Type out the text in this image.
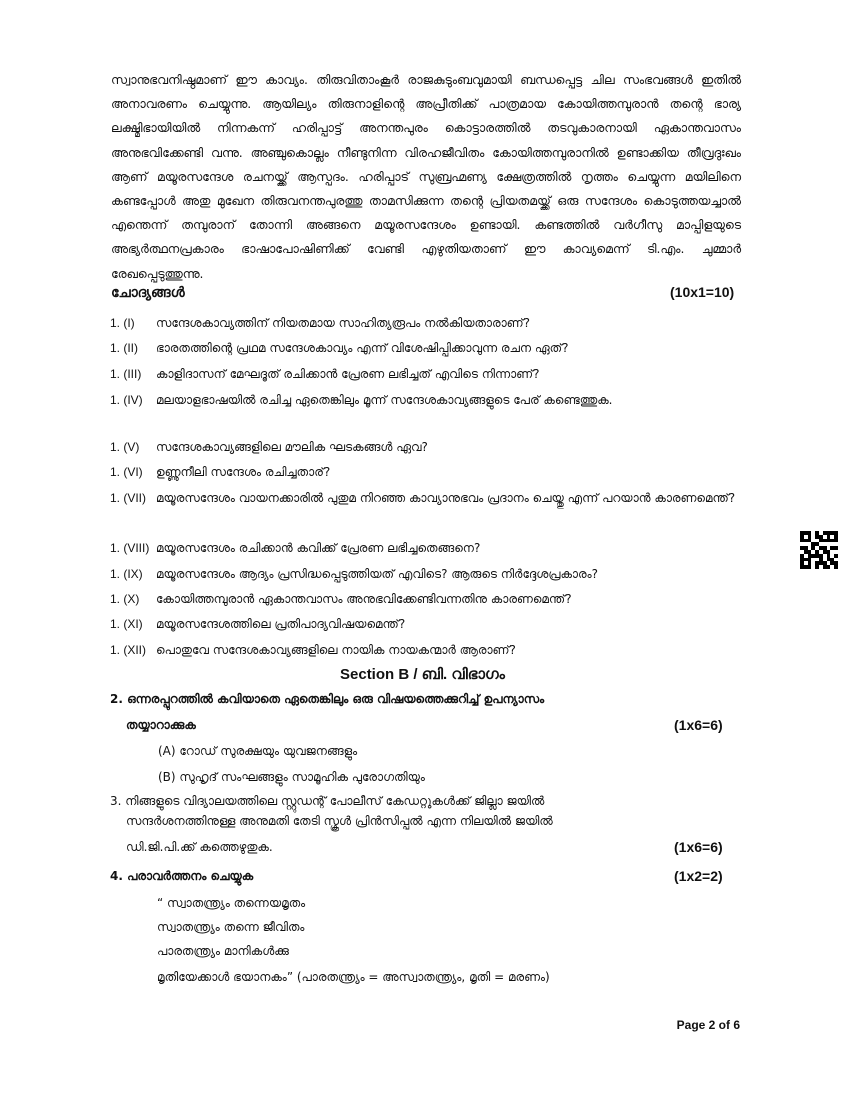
സ്വാനുഭവനിഷ്ഠമാണ് ഈ കാവ്യം. തിരുവിതാംകൂർ രാജകുടുംബവുമായി ബന്ധപ്പെട്ട ചില സംഭവങ്ങൾ ഇതിൽ അനാവരണം ചെയ്യുന്നു. ആയില്യം തിരുനാളിന്റെ അപ്രീതിക്ക് പാത്രമായ കോയിത്തമ്പുരാൻ തന്റെ ഭാര്യ ലക്ഷ്മിഭായിയിൽ നിന്നകന്ന് ഹരിപ്പാട്ട് അനന്തപുരം കൊട്ടാരത്തിൽ തടവുകാരനായി ഏകാന്തവാസം അനുഭവിക്കേണ്ടി വന്നു. അഞ്ചുകൊല്ലം നീണ്ടുനിന്ന വിരഹജീവിതം കോയിത്തമ്പുരാനിൽ ഉണ്ടാക്കിയ തീവ്രദുഃഖം ആണ് മയൂരസന്ദേശ രചനയ്ക്ക് ആസ്പദം. ഹരിപ്പാട് സുബ്രഹ്മണ്യ ക്ഷേത്രത്തിൽ നൃത്തം ചെയ്യുന്ന മയിലിനെ കണ്ടപ്പോൾ അതു മുഖേന തിരുവനന്തപുരത്തു താമസിക്കുന്ന തന്റെ പ്രിയതമയ്ക്ക് ഒരു സന്ദേശം കൊടുത്തയച്ചാൽ എന്തെന്ന് തമ്പുരാന് തോന്നി അങ്ങനെ മയൂരസന്ദേശം ഉണ്ടായി. കണ്ടത്തിൽ വർഗീസു മാപ്പിളയുടെ അഭ്യർത്ഥനപ്രകാരം ഭാഷാപോഷിണിക്ക് വേണ്ടി എഴുതിയതാണ് ഈ കാവ്യമെന്ന് ടി.എം. ചുമ്മാർ രേഖപ്പെടുത്തുന്നു.

ചോദ്യങ്ങൾ	(10x1=10)
1. (I) സന്ദേശകാവ്യത്തിന് നിയതമായ സാഹിത്യരൂപം നൽകിയതാരാണ്?
1. (II) ഭാരതത്തിന്റെ പ്രഥമ സന്ദേശകാവ്യം എന്ന് വിശേഷിപ്പിക്കാവുന്ന രചന ഏത്?
1. (III) കാളിദാസന് മേഘദൂത് രചിക്കാൻ പ്രേരണ ലഭിച്ചത് എവിടെ നിന്നാണ്?
1. (IV) മലയാളഭാഷയിൽ രചിച്ച ഏതെങ്കിലും മൂന്ന് സന്ദേശകാവ്യങ്ങളുടെ പേര് കണ്ടെത്തുക.
1. (V) സന്ദേശകാവ്യങ്ങളിലെ മൗലിക ഘടകങ്ങൾ ഏവ?
1. (VI) ഉണ്ണുനീലി സന്ദേശം രചിച്ചതാര്?
1. (VII) മയൂരസന്ദേശം വായനക്കാരിൽ പുതുമ നിറഞ്ഞ കാവ്യാനുഭവം പ്രദാനം ചെയ്തു എന്ന് പറയാൻ കാരണമെന്ത്?
1. (VIII) മയൂരസന്ദേശം രചിക്കാൻ കവിക്ക് പ്രേരണ ലഭിച്ചതെങ്ങനെ?
1. (IX) മയൂരസന്ദേശം ആദ്യം പ്രസിദ്ധപ്പെടുത്തിയത് എവിടെ? ആരുടെ നിർദ്ദേശപ്രകാരം?
1. (X) കോയിത്തമ്പുരാൻ ഏകാന്തവാസം അനുഭവിക്കേണ്ടിവന്നതിനു കാരണമെന്ത്?
1. (XI) മയൂരസന്ദേശത്തിലെ പ്രതിപാദ്യവിഷയമെന്ത്?
1. (XII) പൊതുവേ സന്ദേശകാവ്യങ്ങളിലെ നായിക നായകന്മാർ ആരാണ്?
Section B / ബി. വിഭാഗം
2. ഒന്നരപ്പുറത്തിൽ കവിയാതെ ഏതെങ്കിലും ഒരു വിഷയത്തെക്കുറിച്ച് ഉപന്യാസം
തയ്യാറാക്കുക	(1x6=6)
(A) റോഡ് സുരക്ഷയും യുവജനങ്ങളും
(B) സുഹൃദ് സംഘങ്ങളും സാമൂഹിക പുരോഗതിയും
3. നിങ്ങളുടെ വിദ്യാലയത്തിലെ സ്റ്റുഡന്റ് പോലീസ് കേഡറ്റുകൾക്ക് ജില്ലാ ജയിൽ
സന്ദർശനത്തിനുള്ള അനുമതി തേടി സ്കൂൾ പ്രിൻസിപ്പൽ എന്ന നിലയിൽ ജയിൽ
ഡി.ജി.പി.ക്ക് കത്തെഴുതുക.	(1x6=6)
4. പരാവർത്തനം ചെയ്യുക	(1x2=2)
“ സ്വാതന്ത്ര്യം തന്നെയമൃതം
സ്വാതന്ത്ര്യം തന്നെ ജീവിതം
പാരതന്ത്ര്യം മാനികൾക്കു
മൃതിയേക്കാൾ ഭയാനകം” (പാരതന്ത്ര്യം = അസ്വാതന്ത്ര്യം, മൃതി = മരണം)
Page 2 of 6
